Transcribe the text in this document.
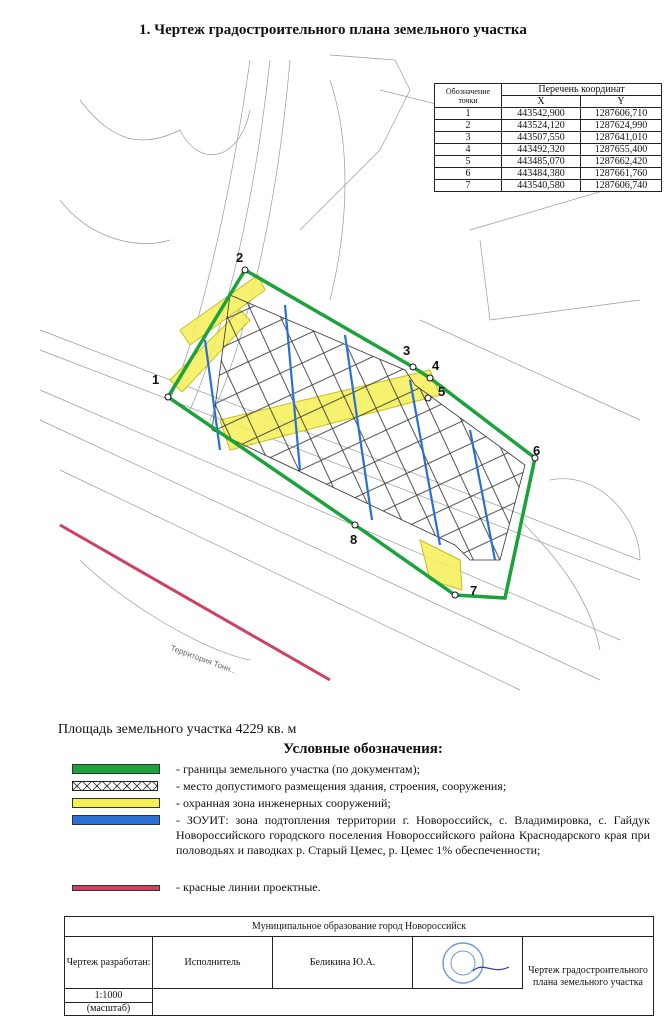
1. Чертеж градостроительного плана земельного участка
1
2
3
4
5
6
7
8
Территория Тонн...
Обозначение точки	Перечень координат	
	X	Y
1	443542,900	1287606,710
2	443524,120	1287624,990
3	443507,550	1287641,010
4	443492,320	1287655,400
5	443485,070	1287662,420
6	443484,380	1287661,760
7	443540,580	1287606,740
Площадь земельного участка 4229 кв. м
Условные обозначения:
- границы земельного участка (по документам);
- место допустимого размещения здания, строения, сооружения;
- охранная зона инженерных сооружений;
- ЗОУИТ: зона подтопления территории г. Новороссийск, с. Владимировка, с. Гайдук Новороссийского городского поселения Новороссийского района Краснодарского края при половодьях и паводках р. Старый Цемес, р. Цемес 1% обеспеченности;
- красные линии проектные.
Муниципальное образование город Новороссийск
Чертеж разработан:	Исполнитель	Беликина Ю.А.
Чертеж градостроительного плана земельного участка
1:1000
(масштаб)
